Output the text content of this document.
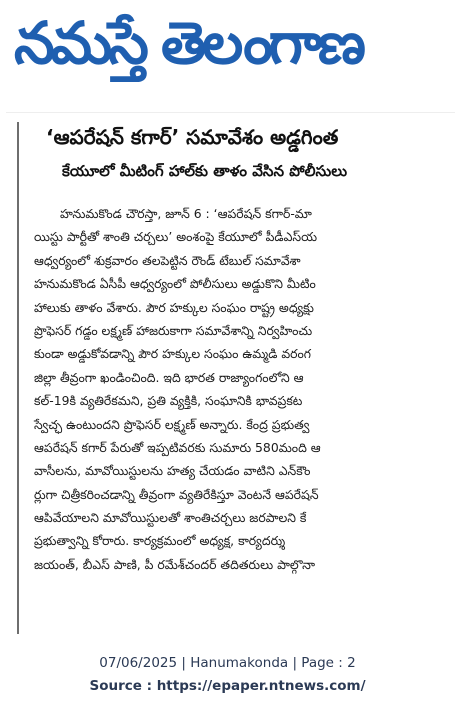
నమస్తే తెలంగాణ
‘ఆపరేషన్ కగార్’ సమావేశం అడ్డగింత
కేయూలో మీటింగ్ హాల్‌కు తాళం వేసిన పోలీసులు
హనుమకొండ చౌరస్తా, జూన్ 6 : ‘ఆపరేషన్ కగార్-మా
యిస్టు పార్టీతో శాంతి చర్చలు’ అంశంపై కేయూలో పీడీఎస్‌య
ఆధ్వర్యంలో శుక్రవారం తలపెట్టిన రౌండ్ టేబుల్ సమావేశా
హనుమకొండ ఏసీపీ ఆధ్వర్యంలో పోలీసులు అడ్డుకొని మీటిం
హాలుకు తాళం వేశారు. పౌర హక్కుల సంఘం రాష్ట్ర అధ్యక్షు
ప్రొఫెసర్ గడ్డం లక్ష్మణ్ హాజరుకాగా సమావేశాన్ని నిర్వహించు
కుండా అడ్డుకోవడాన్ని పౌర హక్కుల సంఘం ఉమ్మడి వరంగ
జిల్లా తీవ్రంగా ఖండించింది. ఇది భారత రాజ్యాంగంలోని ఆ
కల్-19కి వ్యతిరేకమని, ప్రతి వ్యక్తికి, సంఘానికి భావప్రకట
స్వేచ్ఛ ఉంటుందని ప్రొఫెసర్ లక్ష్మణ్ అన్నారు. కేంద్ర ప్రభుత్వ
ఆపరేషన్ కగార్ పేరుతో ఇప్పటివరకు సుమారు 580మంది ఆ
వాసీలను, మావోయిస్టులను హత్య చేయడం వాటిని ఎన్‌కౌం
ర్లుగా చిత్రీకరించడాన్ని తీవ్రంగా వ్యతిరేకిస్తూ వెంటనే ఆపరేషన్
ఆపివేయాలని మావోయిస్టులతో శాంతిచర్చలు జరపాలని కే
ప్రభుత్వాన్ని కోరారు. కార్యక్రమంలో అధ్యక్ష, కార్యదర్శు
జయంత్, బీఎస్ పాణి, పీ రమేశ్‌చందర్ తదితరులు పాల్గొనా
07/06/2025 | Hanumakonda | Page : 2
Source : https://epaper.ntnews.com/
